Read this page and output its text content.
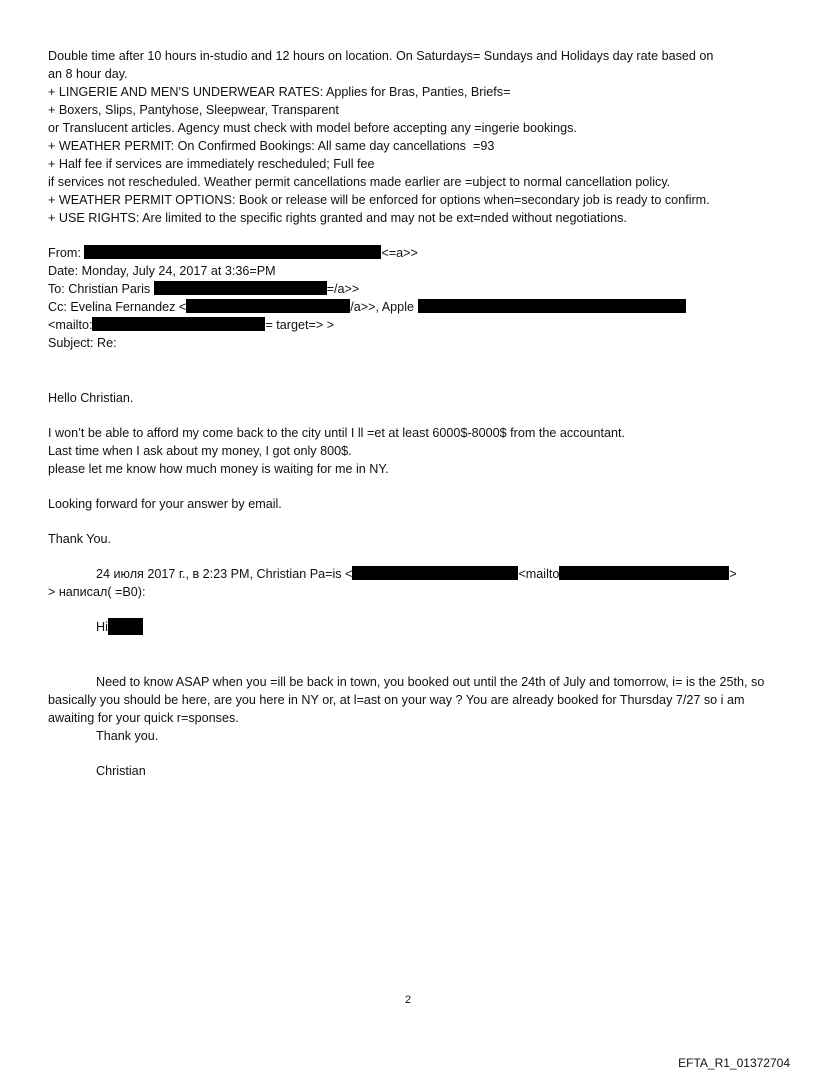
Double time after 10 hours in-studio and 12 hours on location. On Saturdays= Sundays and Holidays day rate based on

an 8 hour day.

+ LINGERIE AND MEN'S UNDERWEAR RATES: Applies for Bras, Panties, Briefs=

+ Boxers, Slips, Pantyhose, Sleepwear, Transparent

or Translucent articles. Agency must check with model before accepting any =ingerie bookings.

+ WEATHER PERMIT: On Confirmed Bookings: All same day cancellations  =93

+ Half fee if services are immediately rescheduled; Full fee

if services not rescheduled. Weather permit cancellations made earlier are =ubject to normal cancellation policy.

+ WEATHER PERMIT OPTIONS: Book or release will be enforced for options when=secondary job is ready to confirm.

+ USE RIGHTS: Are limited to the specific rights granted and may not be ext=nded without negotiations.

From:	<=a>>

Date: Monday, July 24, 2017 at 3:36=PM

To: Christian Paris	=/a>>

Cc: Evelina Fernandez <	/a>>, Apple

<mailto:	= target=> >

Subject: Re:

Hello Christian.

I won’t be able to afford my come back to the city until I ll =et at least 6000$-8000$ from the accountant.

Last time when I ask about my money, I got only 800$.

please let me know how much money is waiting for me in NY.

Looking forward for your answer by email.

Thank You.

24 июля 2017 г., в 2:23 PM, Christian Pa=is <	<mailto	>

> написал( =B0):

Hi

Need to know ASAP when you =ill be back in town, you booked out until the 24th of July and tomorrow, i= is the 25th, so basically you should be here, are you here in NY or, at l=ast on your way ? You are already booked for Thursday 7/27 so i am awaiting for your quick r=sponses.

Thank you.

Christian

2
EFTA_R1_01372704
